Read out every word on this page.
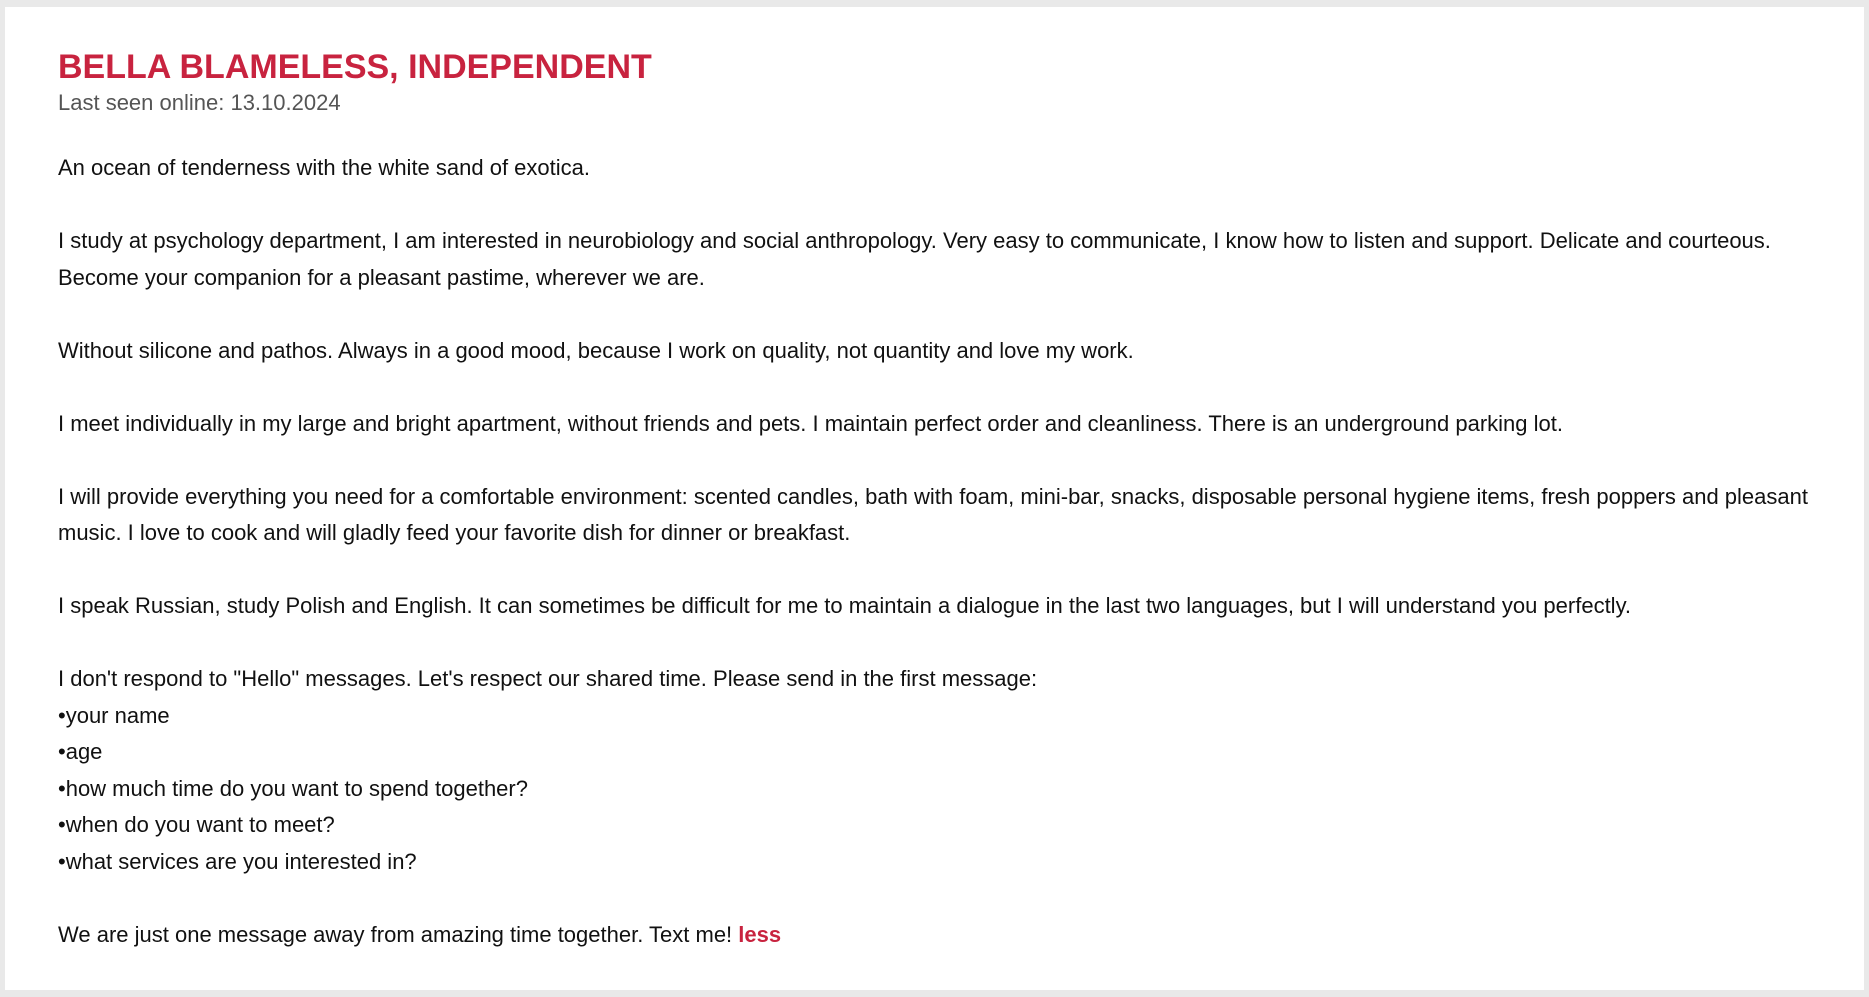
BELLA BLAMELESS, INDEPENDENT
Last seen online: 13.10.2024

An ocean of tenderness with the white sand of exotica.

I study at psychology department, I am interested in neurobiology and social anthropology. Very easy to communicate, I know how to listen and support. Delicate and courteous. Become your companion for a pleasant pastime, wherever we are.

Without silicone and pathos. Always in a good mood, because I work on quality, not quantity and love my work.

I meet individually in my large and bright apartment, without friends and pets. I maintain perfect order and cleanliness. There is an underground parking lot.

I will provide everything you need for a comfortable environment: scented candles, bath with foam, mini-bar, snacks, disposable personal hygiene items, fresh poppers and pleasant music. I love to cook and will gladly feed your favorite dish for dinner or breakfast.

I speak Russian, study Polish and English. It can sometimes be difficult for me to maintain a dialogue in the last two languages, but I will understand you perfectly.

I don't respond to "Hello" messages. Let's respect our shared time. Please send in the first message:

• your name
• age
• how much time do you want to spend together?
• when do you want to meet?
• what services are you interested in?

We are just one message away from amazing time together. Text me! less
